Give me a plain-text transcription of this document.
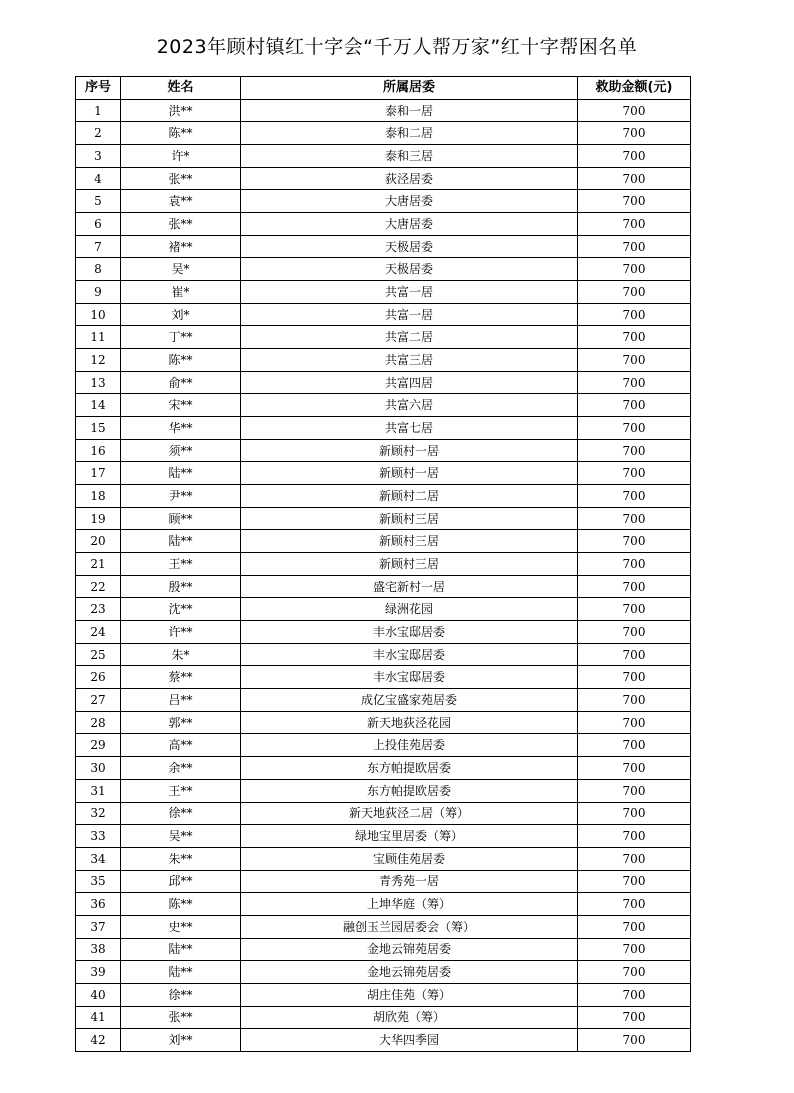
2023年顾村镇红十字会“千万人帮万家”红十字帮困名单
序号	姓名	所属居委	救助金额(元)
1	洪**	泰和一居	700
2	陈**	泰和二居	700
3	许*	泰和三居	700
4	张**	荻泾居委	700
5	袁**	大唐居委	700
6	张**	大唐居委	700
7	褚**	天极居委	700
8	吴*	天极居委	700
9	崔*	共富一居	700
10	刘*	共富一居	700
11	丁**	共富二居	700
12	陈**	共富三居	700
13	俞**	共富四居	700
14	宋**	共富六居	700
15	华**	共富七居	700
16	须**	新顾村一居	700
17	陆**	新顾村一居	700
18	尹**	新顾村二居	700
19	顾**	新顾村三居	700
20	陆**	新顾村三居	700
21	王**	新顾村三居	700
22	殷**	盛宅新村一居	700
23	沈**	绿洲花园	700
24	许**	丰水宝邸居委	700
25	朱*	丰水宝邸居委	700
26	蔡**	丰水宝邸居委	700
27	吕**	成亿宝盛家苑居委	700
28	郭**	新天地荻泾花园	700
29	高**	上投佳苑居委	700
30	余**	东方帕提欧居委	700
31	王**	东方帕提欧居委	700
32	徐**	新天地荻泾二居（筹）	700
33	吴**	绿地宝里居委（筹）	700
34	朱**	宝顾佳苑居委	700
35	邱**	青秀苑一居	700
36	陈**	上坤华庭（筹）	700
37	史**	融创玉兰园居委会（筹）	700
38	陆**	金地云锦苑居委	700
39	陆**	金地云锦苑居委	700
40	徐**	胡庄佳苑（筹）	700
41	张**	胡欣苑（筹）	700
42	刘**	大华四季园	700
